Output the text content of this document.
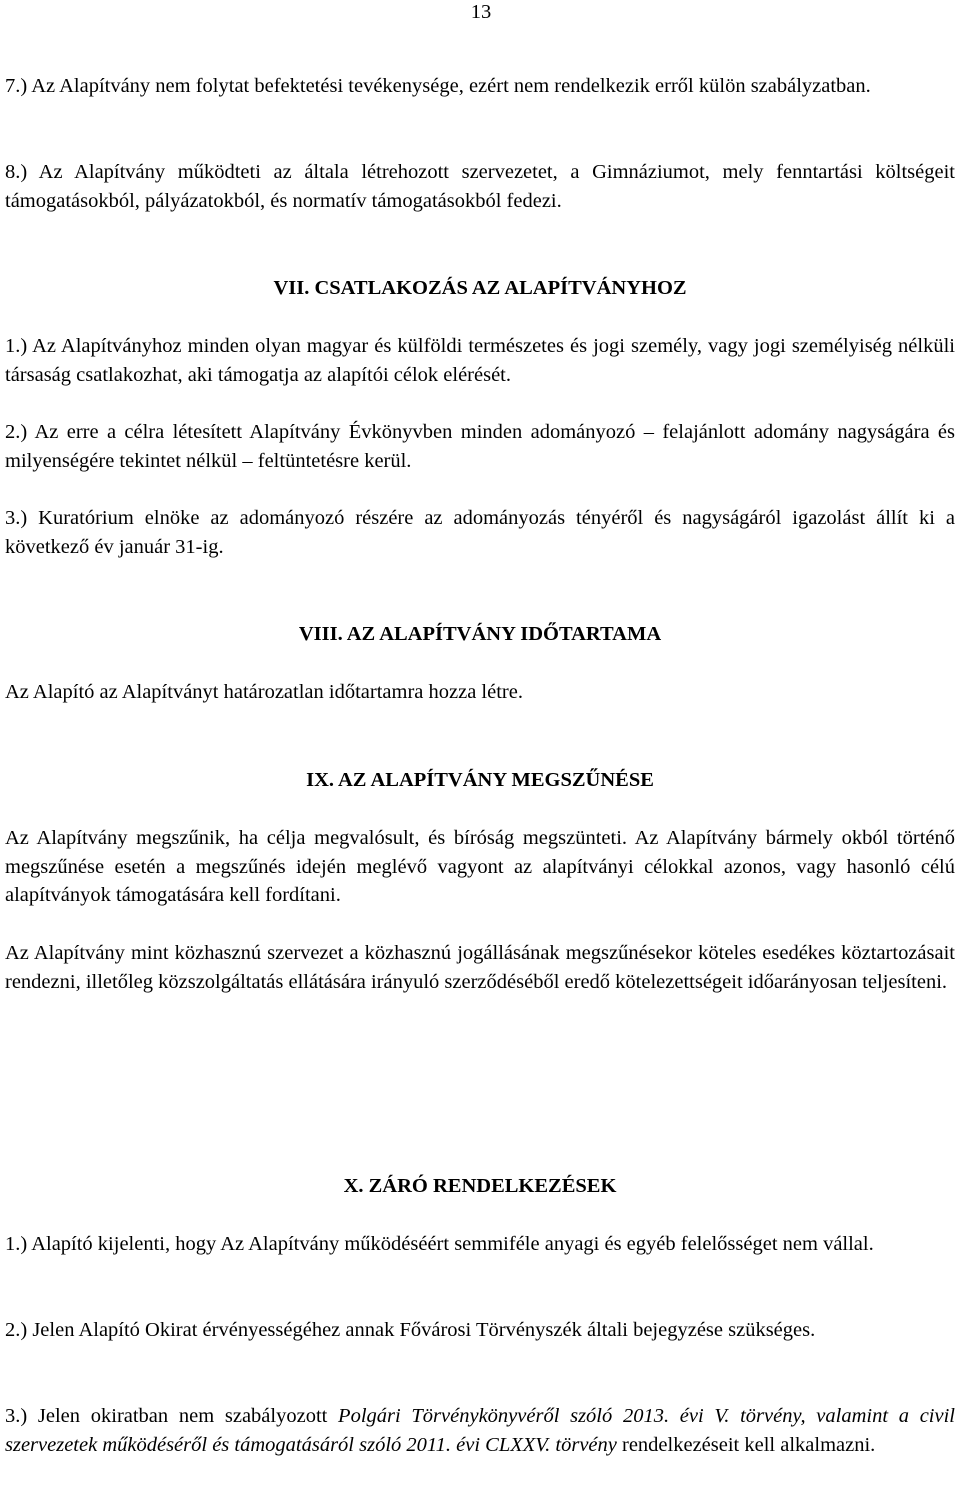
13

7.) Az Alapítvány nem folytat befektetési tevékenysége, ezért nem rendelkezik erről külön szabályzatban.

8.) Az Alapítvány működteti az általa létrehozott szervezetet, a Gimnáziumot, mely fenntartási költségeit támogatásokból, pályázatokból, és normatív támogatásokból fedezi.

VII. CSATLAKOZÁS AZ ALAPÍTVÁNYHOZ

1.) Az Alapítványhoz minden olyan magyar és külföldi természetes és jogi személy, vagy jogi személyiség nélküli társaság csatlakozhat, aki támogatja az alapítói célok elérését.

2.) Az erre a célra létesített Alapítvány Évkönyvben minden adományozó – felajánlott adomány nagyságára és milyenségére tekintet nélkül – feltüntetésre kerül.

3.) Kuratórium elnöke az adományozó részére az adományozás tényéről és nagyságáról igazolást állít ki a következő év január 31-ig.

VIII. AZ ALAPÍTVÁNY IDŐTARTAMA

Az Alapító az Alapítványt határozatlan időtartamra hozza létre.

IX. AZ ALAPÍTVÁNY MEGSZŰNÉSE

Az Alapítvány megszűnik, ha célja megvalósult, és bíróság megszünteti. Az Alapítvány bármely okból történő megszűnése esetén a megszűnés idején meglévő vagyont az alapítványi célokkal azonos, vagy hasonló célú alapítványok támogatására kell fordítani.

Az Alapítvány mint közhasznú szervezet a közhasznú jogállásának megszűnésekor köteles esedékes köztartozásait rendezni, illetőleg közszolgáltatás ellátására irányuló szerződéséből eredő kötelezettségeit időarányosan teljesíteni.

X. ZÁRÓ RENDELKEZÉSEK

1.) Alapító kijelenti, hogy Az Alapítvány működéséért semmiféle anyagi és egyéb felelősséget nem vállal.

2.) Jelen Alapító Okirat érvényességéhez annak Fővárosi Törvényszék általi bejegyzése szükséges.

3.) Jelen okiratban nem szabályozott Polgári Törvénykönyvéről szóló 2013. évi V. törvény, valamint a civil szervezetek működéséről és támogatásáról szóló 2011. évi CLXXV. törvény rendelkezéseit kell alkalmazni.
